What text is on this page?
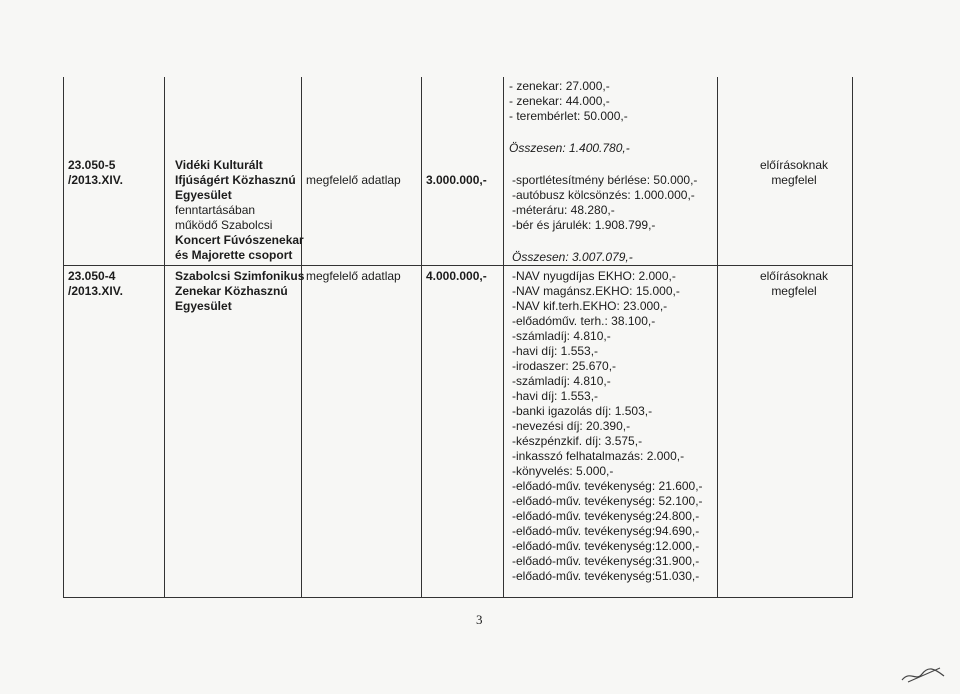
- zenekar: 27.000,-
- zenekar: 44.000,-
- terembérlet: 50.000,-
Összesen: 1.400.780,-
23.050-5
/2013.XIV.
Vidéki Kulturált
Ifjúságért Közhasznú
Egyesület
fenntartásában
működő Szabolcsi
Koncert Fúvószenekar
és Majorette csoport
megfelelő adatlap 3.000.000,- -sportlétesítmény bérlése: 50.000,-
-autóbusz kölcsönzés: 1.000.000,-
-méteráru: 48.280,-
-bér és járulék: 1.908.799,-
Összesen: 3.007.079,-
előírásoknak
megfelel
23.050-4
/2013.XIV.
Szabolcsi Szimfonikus
Zenekar Közhasznú
Egyesület
megfelelő adatlap 4.000.000,- -NAV nyugdíjas EKHO: 2.000,-
-NAV magánsz.EKHO: 15.000,-
-NAV kif.terh.EKHO: 23.000,-
-előadóműv. terh.: 38.100,-
-számladíj: 4.810,-
-havi díj: 1.553,-
-irodaszer: 25.670,-
-számladíj: 4.810,-
-havi díj: 1.553,-
-banki igazolás díj: 1.503,-
-nevezési díj: 20.390,-
-készpénzkif. díj: 3.575,-
-inkasszó felhatalmazás: 2.000,-
-könyvelés: 5.000,-
-előadó-műv. tevékenység: 21.600,-
-előadó-műv. tevékenység: 52.100,-
-előadó-műv. tevékenység:24.800,-
-előadó-műv. tevékenység:94.690,-
-előadó-műv. tevékenység:12.000,-
-előadó-műv. tevékenység:31.900,-
-előadó-műv. tevékenység:51.030,-
előírásoknak
megfelel
3
